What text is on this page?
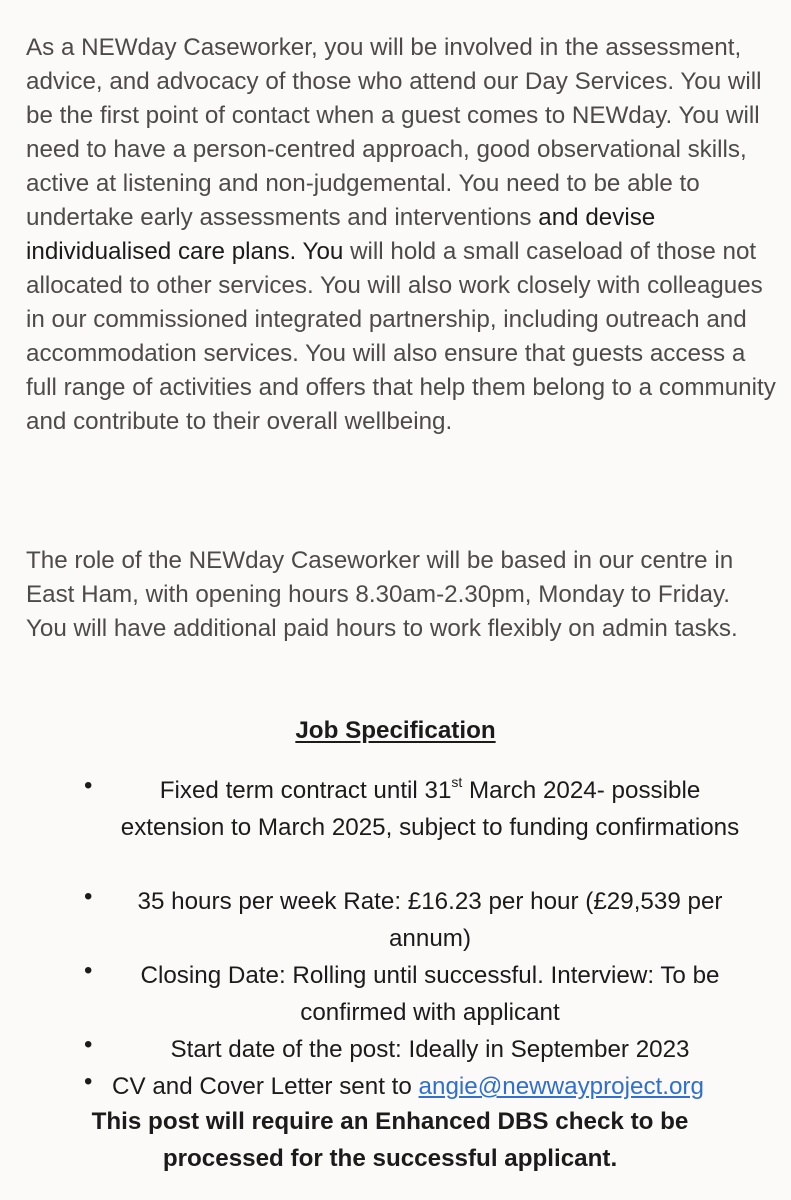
As a NEWday Caseworker, you will be involved in the assessment, advice, and advocacy of those who attend our Day Services. You will be the first point of contact when a guest comes to NEWday. You will need to have a person-centred approach, good observational skills, active at listening and non-judgemental. You need to be able to undertake early assessments and interventions and devise individualised care plans. You will hold a small caseload of those not allocated to other services. You will also work closely with colleagues in our commissioned integrated partnership, including outreach and accommodation services. You will also ensure that guests access a full range of activities and offers that help them belong to a community and contribute to their overall wellbeing.

The role of the NEWday Caseworker will be based in our centre in East Ham, with opening hours 8.30am-2.30pm, Monday to Friday. You will have additional paid hours to work flexibly on admin tasks.

Job Specification
•	Fixed term contract until 31st March 2024- possible extension to March 2025, subject to funding confirmations
•	35 hours per week Rate: £16.23 per hour (£29,539 per annum)
•	Closing Date: Rolling until successful. Interview: To be confirmed with applicant
•	Start date of the post: Ideally in September 2023
• CV and Cover Letter sent to angie@newwayproject.org
This post will require an Enhanced DBS check to be processed for the successful applicant.
